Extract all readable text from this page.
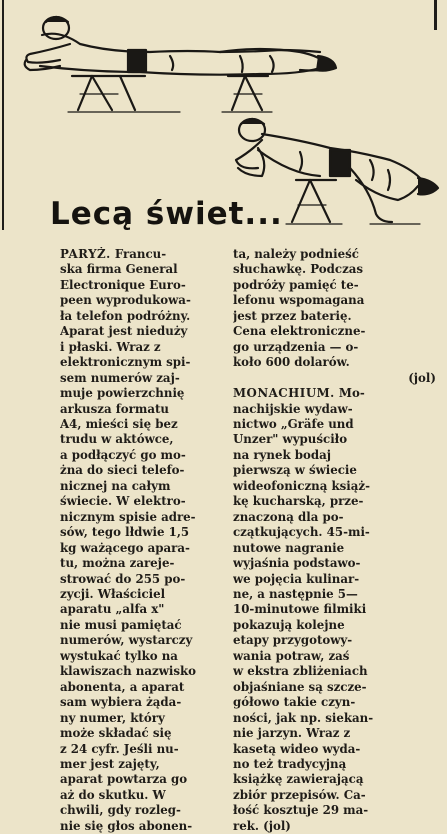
Lecą świet...
PARYŻ. Francu-
ska firma General
Electronique Euro-
peen wyprodukowa-
ła telefon podróżny.
Aparat jest nieduży
i płaski. Wraz z
elektronicznym spi-
sem numerów zaj-
muje powierzchnię
arkusza formatu
A4, mieści się bez
trudu w aktówce,
a podłączyć go mo-
żna do sieci telefo-
nicznej na całym
świecie. W elektro-
nicznym spisie adre-
sów, tego lłdwie 1,5
kg ważącego apara-
tu, można zareje-
strować do 255 po-
zycji. Właściciel
aparatu „alfa x"
nie musi pamiętać
numerów, wystarczy
wystukać tylko na
klawiszach nazwisko
abonenta, a aparat
sam wybiera żąda-
ny numer, który
może składać się
z 24 cyfr. Jeśli nu-
mer jest zajęty,
aparat powtarza go
aż do skutku. W
chwili, gdy rozleg-
nie się głos abonen-
ta, należy podnieść
słuchawkę. Podczas
podróży pamięć te-
lefonu wspomagana
jest przez baterię.
Cena elektroniczne-
go urządzenia — o-
koło 600 dolarów.
(jol)
MONACHIUM. Mo-
nachijskie wydaw-
nictwo „Gräfe und
Unzer" wypuściło
na rynek bodaj
pierwszą w świecie
wideofoniczną książ-
kę kucharską, prze-
znaczoną dla po-
czątkujących. 45-mi-
nutowe nagranie
wyjaśnia podstawo-
we pojęcia kulinar-
ne, a następnie 5—
10-minutowe filmiki
pokazują kolejne
etapy przygotowy-
wania potraw, zaś
w ekstra zbliżeniach
objaśniane są szcze-
gółowo takie czyn-
ności, jak np. siekan-
nie jarzyn. Wraz z
kasetą wideo wyda-
no też tradycyjną
książkę zawierającą
zbiór przepisów. Ca-
łość kosztuje 29 ma-
rek. (jol)
